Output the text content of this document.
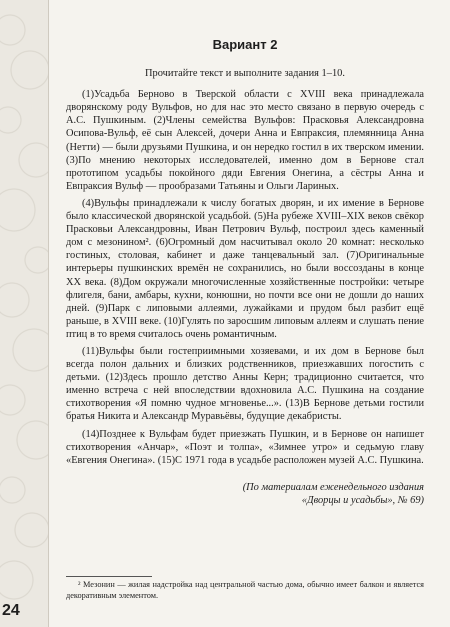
Вариант 2
Прочитайте текст и выполните задания 1–10.

(1)Усадьба Берново в Тверской области с XVIII века принадлежала дворянскому роду Вульфов, но для нас это место связано в первую очередь с А.С. Пушкиным. (2)Члены семейства Вульфов: Прасковья Александровна Осипова-Вульф, её сын Алексей, дочери Анна и Евпраксия, племянница Анна (Нетти) — были друзьями Пушкина, и он нередко гостил в их тверском имении. (3)По мнению некоторых исследователей, именно дом в Бернове стал прототипом усадьбы покойного дяди Евгения Онегина, а сёстры Анна и Евпраксия Вульф — прообразами Татьяны и Ольги Лариных.

(4)Вульфы принадлежали к числу богатых дворян, и их имение в Бернове было классической дворянской усадьбой. (5)На рубеже XVIII–XIX веков свёкор Прасковьи Александровны, Иван Петрович Вульф, построил здесь каменный дом с мезонином². (6)Огромный дом насчитывал около 20 комнат: несколько гостиных, столовая, кабинет и даже танцевальный зал. (7)Оригинальные интерьеры пушкинских времён не сохранились, но были воссозданы в конце XX века. (8)Дом окружали многочисленные хозяйственные постройки: четыре флигеля, бани, амбары, кухни, конюшни, но почти все они не дошли до наших дней. (9)Парк с липовыми аллеями, лужайками и прудом был разбит ещё раньше, в XVIII веке. (10)Гулять по заросшим липовым аллеям и слушать пение птиц в то время считалось очень романтичным.

(11)Вульфы были гостеприимными хозяевами, и их дом в Бернове был всегда полон дальних и близких родственников, приезжавших погостить с детьми. (12)Здесь прошло детство Анны Керн; традиционно считается, что именно встреча с ней впоследствии вдохновила А.С. Пушкина на создание стихотворения «Я помню чудное мгновенье...». (13)В Бернове детьми гостили братья Никита и Александр Муравьёвы, будущие декабристы.

(14)Позднее к Вульфам будет приезжать Пушкин, и в Бернове он напишет стихотворения «Анчар», «Поэт и толпа», «Зимнее утро» и седьмую главу «Евгения Онегина». (15)С 1971 года в усадьбе расположен музей А.С. Пушкина.

(По материалам еженедельного издания
«Дворцы и усадьбы», № 69)
² Мезонин — жилая надстройка над центральной частью дома, обычно имеет балкон и является декоративным элементом.
24
